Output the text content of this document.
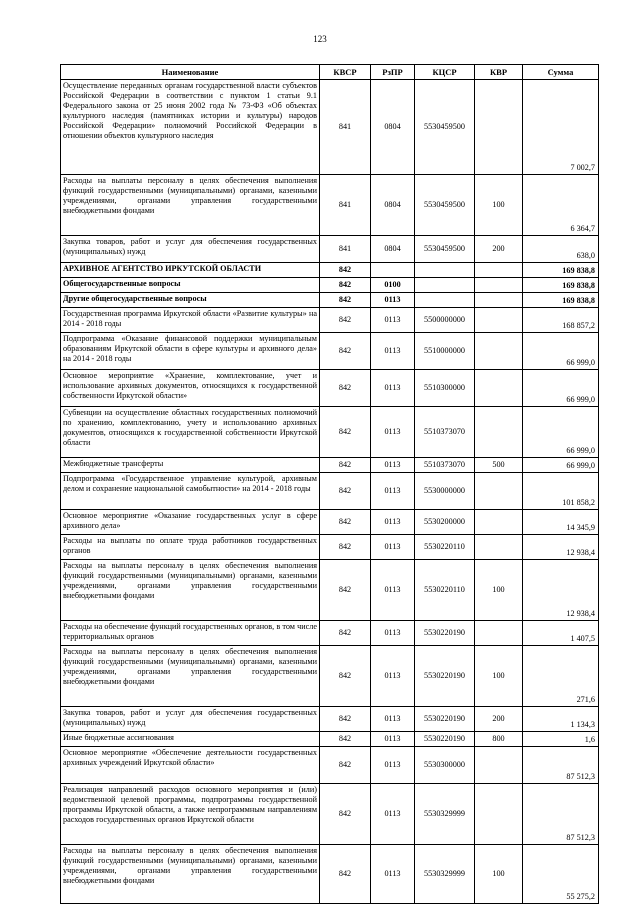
123
Наименование	КВСР	РзПР	КЦСР	КВР	Сумма
Осуществление переданных органам государственной власти субъектов Российской Федерации в соответствии с пунктом 1 статьи 9.1 Федерального закона от 25 июня 2002 года № 73-ФЗ «Об объектах культурного наследия (памятниках истории и культуры) народов Российской Федерации» полномочий Российской Федерации в отношении объектов культурного наследия	841	0804	5530459500		7 002,7
Расходы на выплаты персоналу в целях обеспечения выполнения функций государственными (муниципальными) органами, казенными учреждениями, органами управления государственными внебюджетными фондами	841	0804	5530459500	100	6 364,7
Закупка товаров, работ и услуг для обеспечения государственных (муниципальных) нужд	841	0804	5530459500	200	638,0
АРХИВНОЕ АГЕНТСТВО ИРКУТСКОЙ ОБЛАСТИ	842				169 838,8
Общегосударственные вопросы	842	0100			169 838,8
Другие общегосударственные вопросы	842	0113			169 838,8
Государственная программа Иркутской области «Развитие культуры» на 2014 - 2018 годы	842	0113	5500000000		168 857,2
Подпрограмма «Оказание финансовой поддержки муниципальным образованиям Иркутской области в сфере культуры и архивного дела» на 2014 - 2018 годы	842	0113	5510000000		66 999,0
Основное мероприятие «Хранение, комплектование, учет и использование архивных документов, относящихся к государственной собственности Иркутской области»	842	0113	5510300000		66 999,0
Субвенции на осуществление областных государственных полномочий по хранению, комплектованию, учету и использованию архивных документов, относящихся к государственной собственности Иркутской области	842	0113	5510373070		66 999,0
Межбюджетные трансферты	842	0113	5510373070	500	66 999,0
Подпрограмма «Государственное управление культурой, архивным делом и сохранение национальной самобытности» на 2014 - 2018 годы	842	0113	5530000000		101 858,2
Основное мероприятие «Оказание государственных услуг в сфере архивного дела»	842	0113	5530200000		14 345,9
Расходы на выплаты по оплате труда работников государственных органов	842	0113	5530220110		12 938,4
Расходы на выплаты персоналу в целях обеспечения выполнения функций государственными (муниципальными) органами, казенными учреждениями, органами управления государственными внебюджетными фондами	842	0113	5530220110	100	12 938,4
Расходы на обеспечение функций государственных органов, в том числе территориальных органов	842	0113	5530220190		1 407,5
Расходы на выплаты персоналу в целях обеспечения выполнения функций государственными (муниципальными) органами, казенными учреждениями, органами управления государственными внебюджетными фондами	842	0113	5530220190	100	271,6
Закупка товаров, работ и услуг для обеспечения государственных (муниципальных) нужд	842	0113	5530220190	200	1 134,3
Иные бюджетные ассигнования	842	0113	5530220190	800	1,6
Основное мероприятие «Обеспечение деятельности государственных архивных учреждений Иркутской области»	842	0113	5530300000		87 512,3
Реализация направлений расходов основного мероприятия и (или) ведомственной целевой программы, подпрограммы государственной программы Иркутской области, а также непрограммным направлениям расходов государственных органов Иркутской области	842	0113	5530329999		87 512,3
Расходы на выплаты персоналу в целях обеспечения выполнения функций государственными (муниципальными) органами, казенными учреждениями, органами управления государственными внебюджетными фондами	842	0113	5530329999	100	55 275,2
